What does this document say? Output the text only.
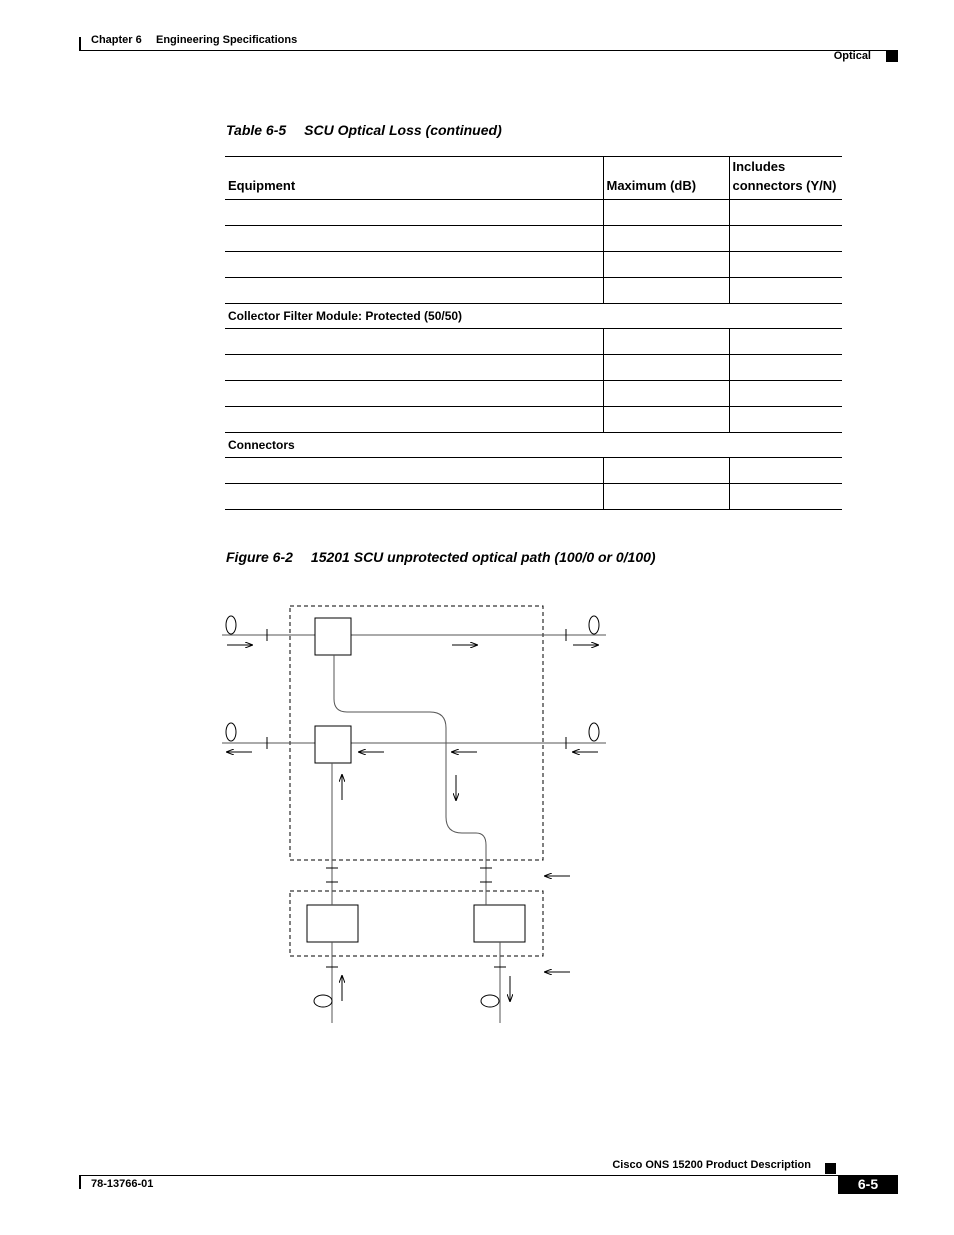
Chapter 6 Engineering Specifications
Optical
Table 6-5 SCU Optical Loss (continued)
Equipment	Maximum (dB)	Includes connectors (Y/N)

Collector Filter Module: Protected (50/50)		

Connectors		

Figure 6-2 15201 SCU unprotected optical path (100/0 or 0/100)
Cisco ONS 15200 Product Description
78-13766-01	6-5
